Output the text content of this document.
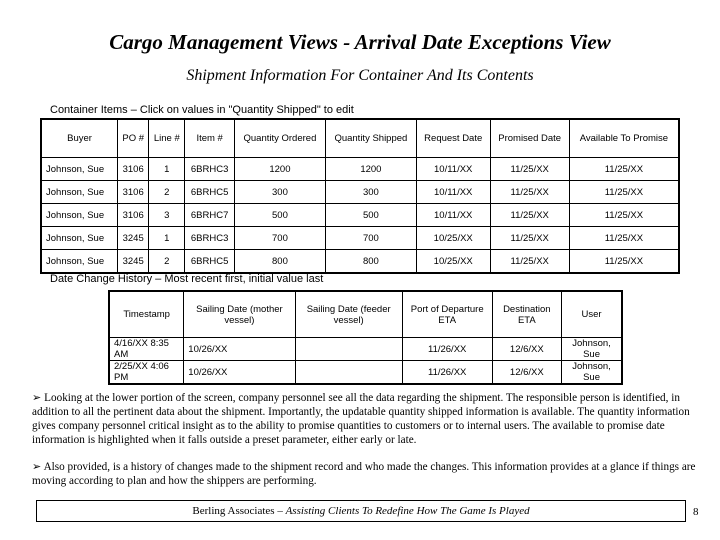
Cargo Management Views - Arrival Date Exceptions View
Shipment Information For Container And Its Contents
Container Items – Click on values in "Quantity Shipped" to edit
Buyer	PO #	Line #	Item #	Quantity Ordered	Quantity Shipped	Request Date	Promised Date	Available To Promise
Johnson, Sue	3106	1	6BRHC3	1200	1200	10/11/XX	11/25/XX	11/25/XX
Johnson, Sue	3106	2	6BRHC5	300	300	10/11/XX	11/25/XX	11/25/XX
Johnson, Sue	3106	3	6BRHC7	500	500	10/11/XX	11/25/XX	11/25/XX
Johnson, Sue	3245	1	6BRHC3	700	700	10/25/XX	11/25/XX	11/25/XX
Johnson, Sue	3245	2	6BRHC5	800	800	10/25/XX	11/25/XX	11/25/XX
Date Change History – Most recent first, initial value last
Timestamp	Sailing Date (mother vessel)	Sailing Date (feeder vessel)	Port of Departure ETA	Destination ETA	User
4/16/XX 8:35 AM	10/26/XX		11/26/XX	12/6/XX	Johnson, Sue
2/25/XX 4:06 PM	10/26/XX		11/26/XX	12/6/XX	Johnson, Sue
➢ Looking at the lower portion of the screen, company personnel see all the data regarding the shipment. The responsible person is identified, in addition to all the pertinent data about the shipment. Importantly, the updatable quantity shipped information is available. The quantity information gives company personnel critical insight as to the ability to promise quantities to customers or to internal users. The available to promise date information is highlighted when it falls outside a preset parameter, either early or late.
➢ Also provided, is a history of changes made to the shipment record and who made the changes. This information provides at a glance if things are moving according to plan and how the shippers are performing.
Berling Associates – Assisting Clients To Redefine How The Game Is Played	8
